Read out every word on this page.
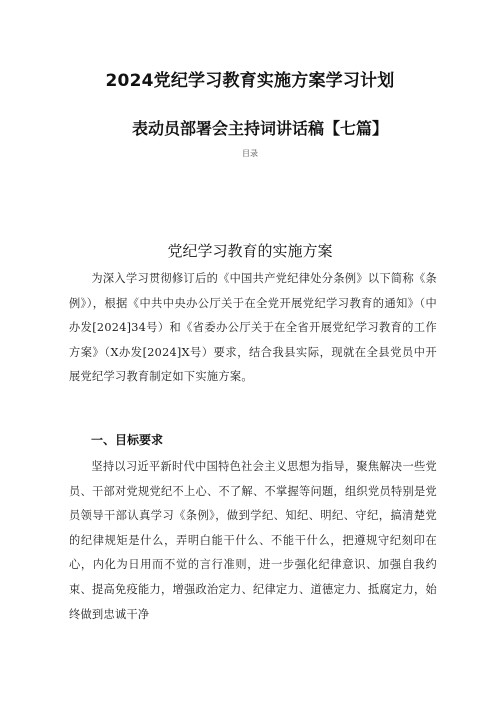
2024党纪学习教育实施方案学习计划
表动员部署会主持词讲话稿【七篇】

目录

党纪学习教育的实施方案

为深入学习贯彻修订后的《中国共产党纪律处分条例》以下简称《条例》），根据《中共中央办公厅关于在全党开展党纪学习教育的通知》（中办发[2024]34号）和《省委办公厅关于在全省开展党纪学习教育的工作方案》（X办发[2024]X号）要求，结合我县实际，现就在全县党员中开展党纪学习教育制定如下实施方案。

一、目标要求

坚持以习近平新时代中国特色社会主义思想为指导，聚焦解决一些党员、干部对党规党纪不上心、不了解、不掌握等问题，组织党员特别是党员领导干部认真学习《条例》，做到学纪、知纪、明纪、守纪，搞清楚党的纪律规矩是什么，弄明白能干什么、不能干什么，把遵规守纪刻印在心，内化为日用而不觉的言行准则，进一步强化纪律意识、加强自我约束、提高免疫能力，增强政治定力、纪律定力、道德定力、抵腐定力，始终做到忠诚干净
